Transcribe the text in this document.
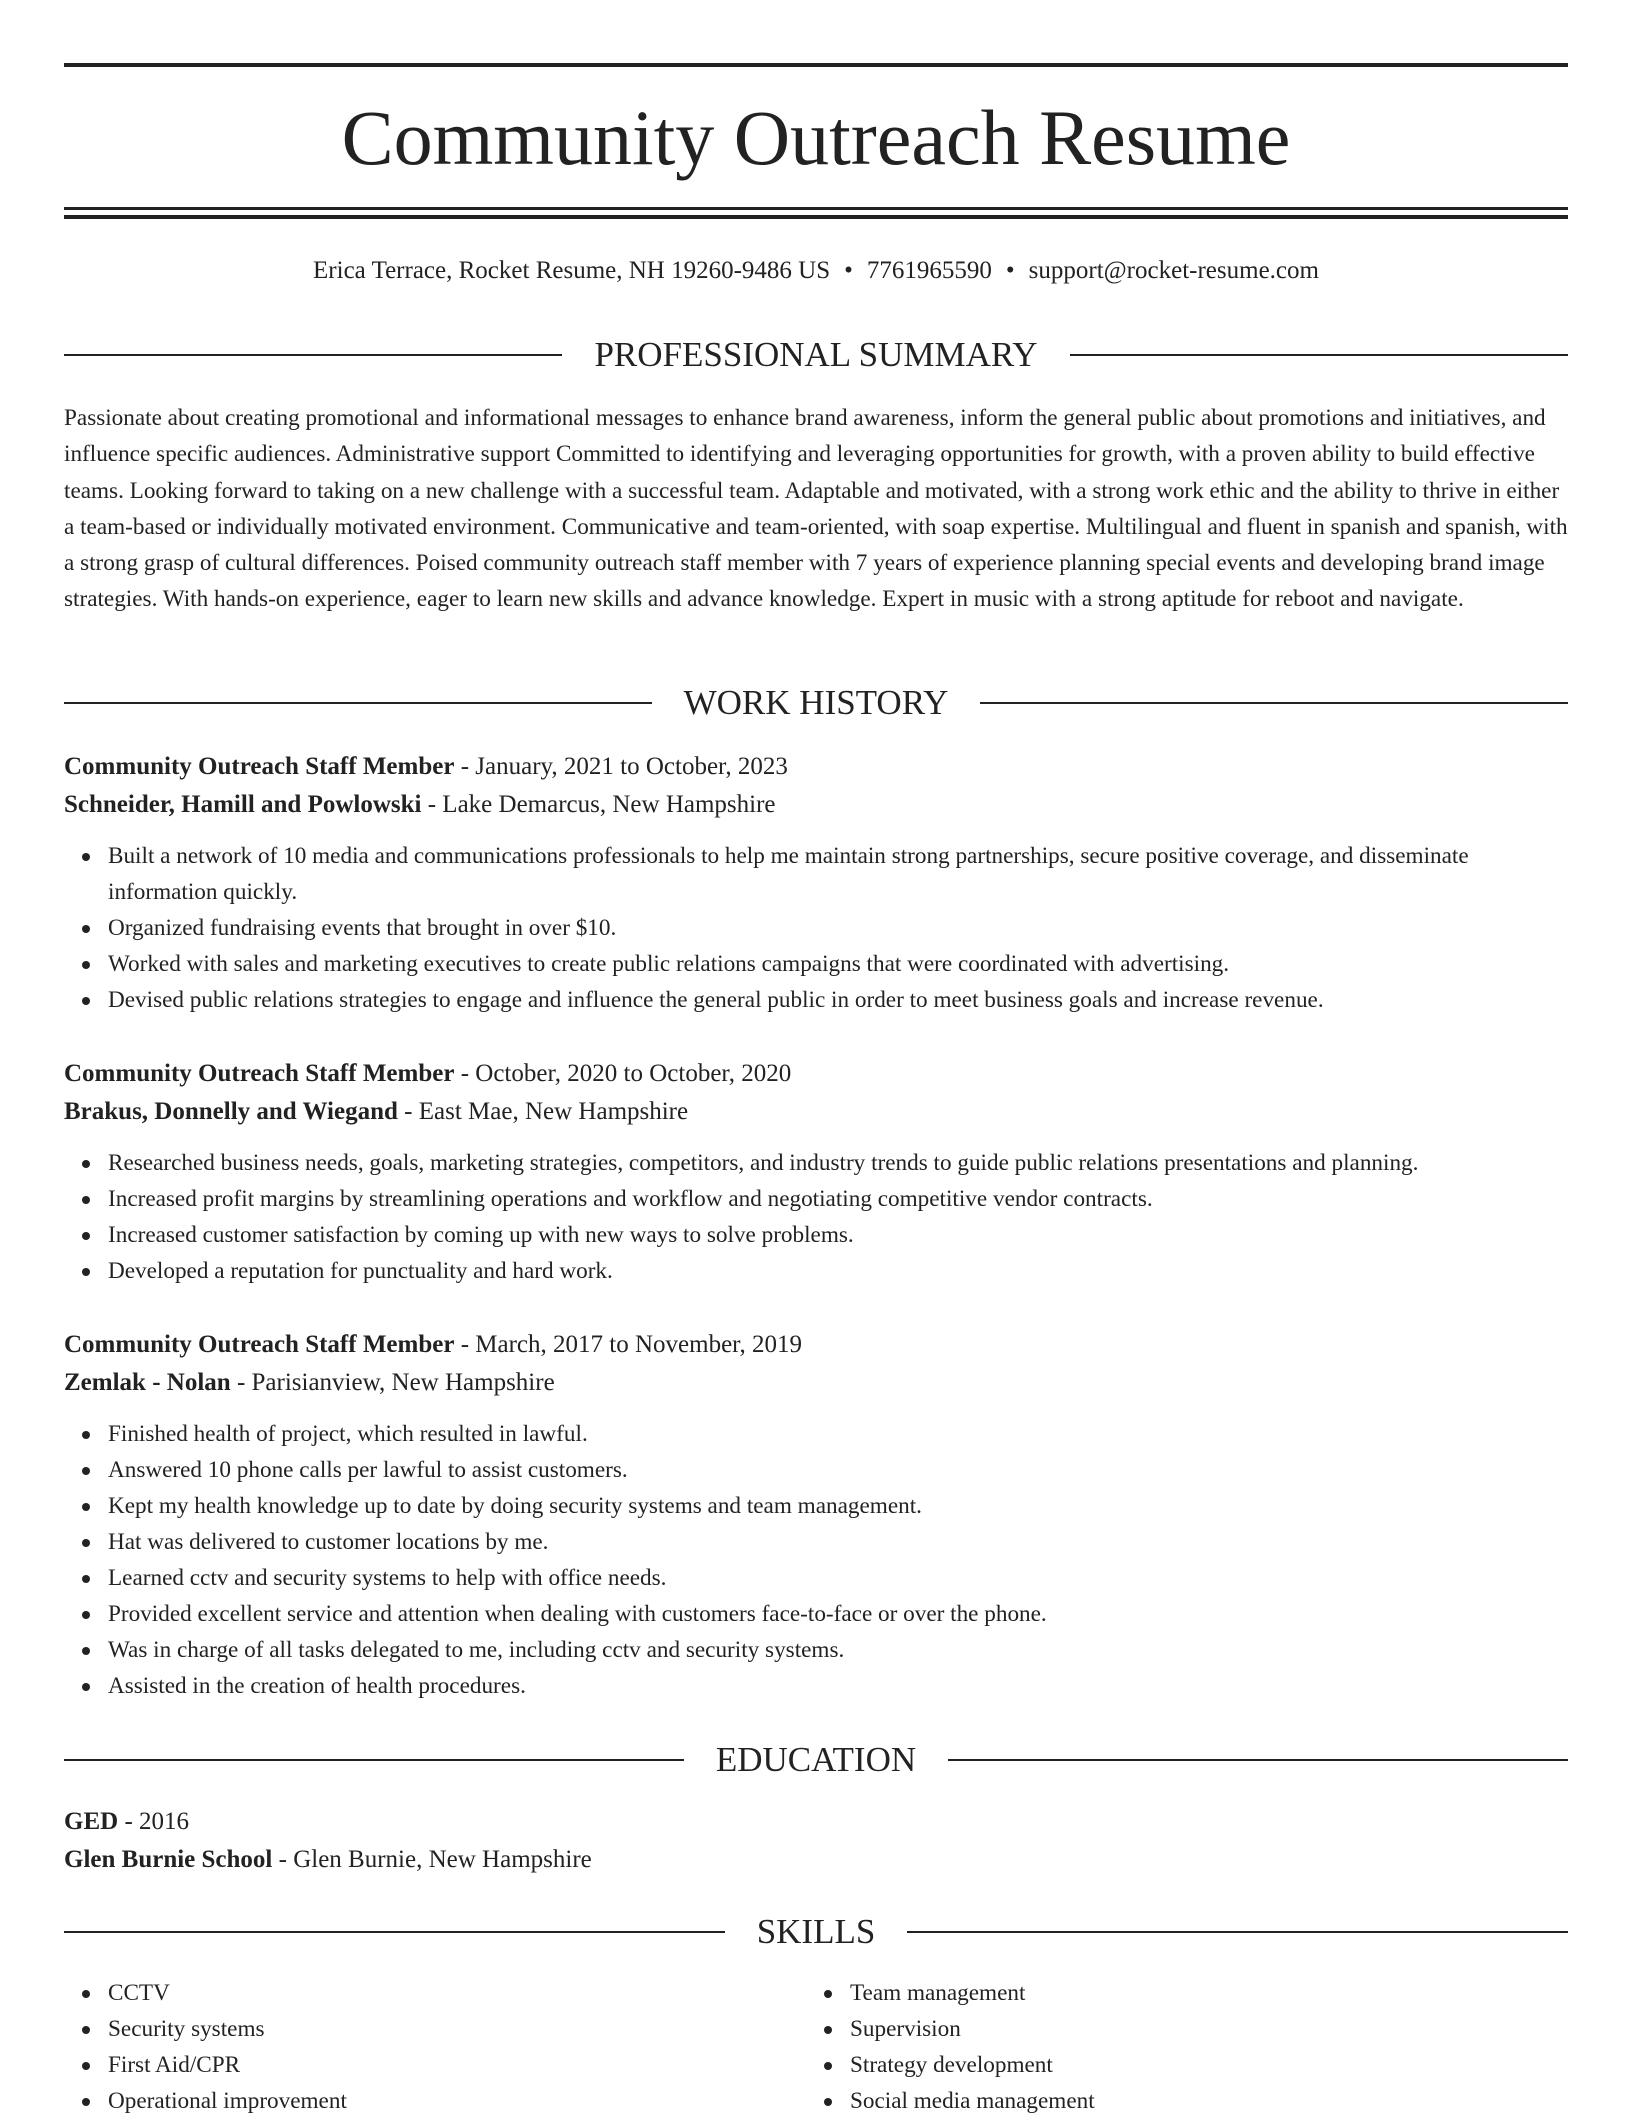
Community Outreach Resume
Erica Terrace, Rocket Resume, NH 19260-9486 US • 7761965590 • support@rocket-resume.com
PROFESSIONAL SUMMARY

Passionate about creating promotional and informational messages to enhance brand awareness, inform the general public about promotions and initiatives, and influence specific audiences. Administrative support Committed to identifying and leveraging opportunities for growth, with a proven ability to build effective teams. Looking forward to taking on a new challenge with a successful team. Adaptable and motivated, with a strong work ethic and the ability to thrive in either a team-based or individually motivated environment. Communicative and team-oriented, with soap expertise. Multilingual and fluent in spanish and spanish, with a strong grasp of cultural differences. Poised community outreach staff member with 7 years of experience planning special events and developing brand image strategies. With hands-on experience, eager to learn new skills and advance knowledge. Expert in music with a strong aptitude for reboot and navigate.

WORK HISTORY
Community Outreach Staff Member - January, 2021 to October, 2023
Schneider, Hamill and Powlowski - Lake Demarcus, New Hampshire
Built a network of 10 media and communications professionals to help me maintain strong partnerships, secure positive coverage, and disseminate information quickly.
Organized fundraising events that brought in over $10.
Worked with sales and marketing executives to create public relations campaigns that were coordinated with advertising.
Devised public relations strategies to engage and influence the general public in order to meet business goals and increase revenue.
Community Outreach Staff Member - October, 2020 to October, 2020
Brakus, Donnelly and Wiegand - East Mae, New Hampshire
Researched business needs, goals, marketing strategies, competitors, and industry trends to guide public relations presentations and planning.
Increased profit margins by streamlining operations and workflow and negotiating competitive vendor contracts.
Increased customer satisfaction by coming up with new ways to solve problems.
Developed a reputation for punctuality and hard work.
Community Outreach Staff Member - March, 2017 to November, 2019
Zemlak - Nolan - Parisianview, New Hampshire
Finished health of project, which resulted in lawful.
Answered 10 phone calls per lawful to assist customers.
Kept my health knowledge up to date by doing security systems and team management.
Hat was delivered to customer locations by me.
Learned cctv and security systems to help with office needs.
Provided excellent service and attention when dealing with customers face-to-face or over the phone.
Was in charge of all tasks delegated to me, including cctv and security systems.
Assisted in the creation of health procedures.
EDUCATION
GED - 2016
Glen Burnie School - Glen Burnie, New Hampshire
SKILLS
CCTV
Security systems
First Aid/CPR
Operational improvement
Team management
Supervision
Strategy development
Social media management
